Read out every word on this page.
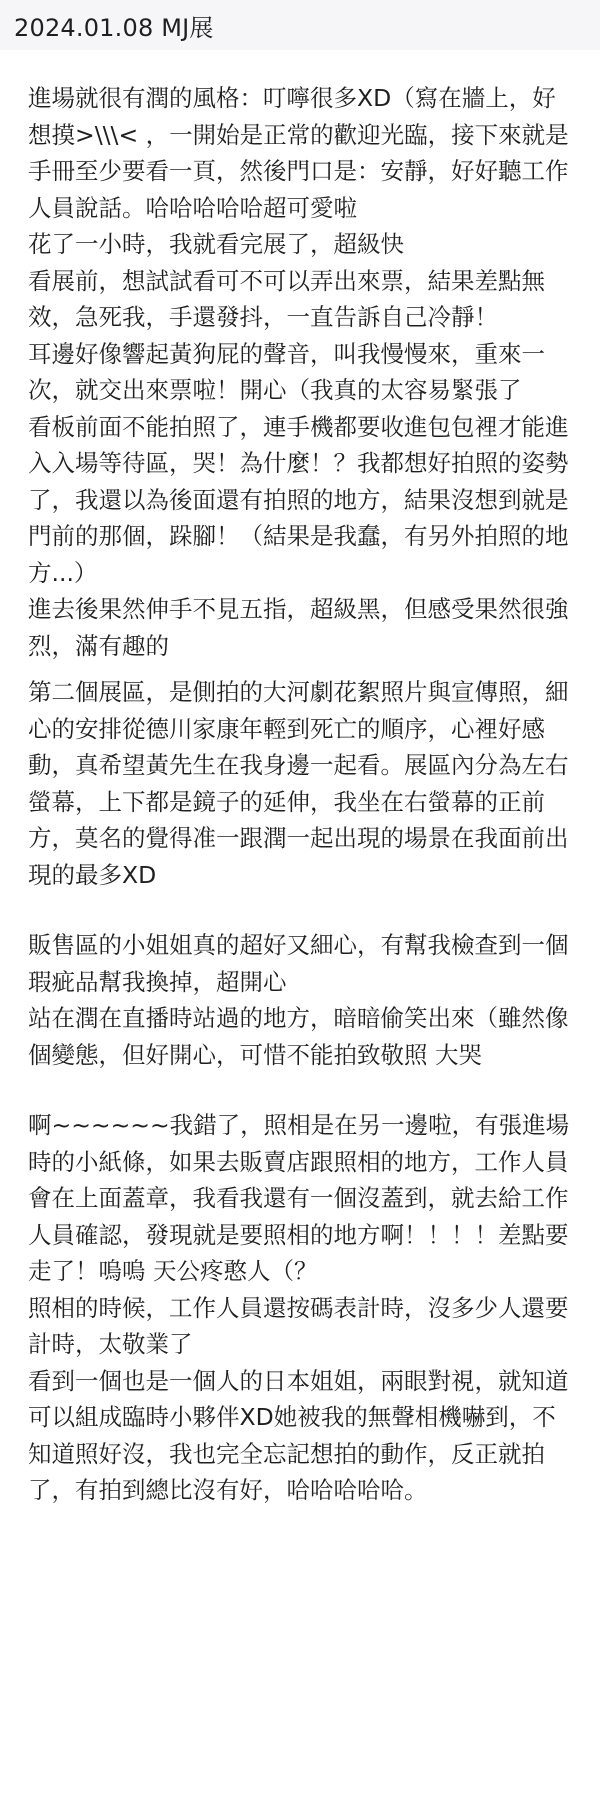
2024.01.08 MJ展

進場就很有潤的風格：叮嚀很多XD（寫在牆上，好想摸>\\\< ，一開始是正常的歡迎光臨，接下來就是手冊至少要看一頁，然後門口是：安靜，好好聽工作人員說話。哈哈哈哈哈超可愛啦

花了一小時，我就看完展了，超級快

看展前，想試試看可不可以弄出來票，結果差點無效，急死我，手還發抖，一直告訴自己冷靜！

耳邊好像響起黃狗屁的聲音，叫我慢慢來，重來一次，就交出來票啦！開心（我真的太容易緊張了

看板前面不能拍照了，連手機都要收進包包裡才能進入入場等待區，哭！為什麼！？我都想好拍照的姿勢了，我還以為後面還有拍照的地方，結果沒想到就是門前的那個，跺腳！（結果是我蠢，有另外拍照的地方...）

進去後果然伸手不見五指，超級黑，但感受果然很強烈，滿有趣的

第二個展區，是側拍的大河劇花絮照片與宣傳照，細心的安排從德川家康年輕到死亡的順序，心裡好感動，真希望黃先生在我身邊一起看。展區內分為左右螢幕，上下都是鏡子的延伸，我坐在右螢幕的正前方，莫名的覺得准一跟潤一起出現的場景在我面前出現的最多XD

販售區的小姐姐真的超好又細心，有幫我檢查到一個瑕疵品幫我換掉，超開心

站在潤在直播時站過的地方，暗暗偷笑出來（雖然像個變態，但好開心，可惜不能拍致敬照 大哭

啊~~~~~~我錯了，照相是在另一邊啦，有張進場時的小紙條，如果去販賣店跟照相的地方，工作人員會在上面蓋章，我看我還有一個沒蓋到，就去給工作人員確認，發現就是要照相的地方啊！！！！差點要走了！嗚嗚 天公疼憨人（？

照相的時候，工作人員還按碼表計時，沒多少人還要計時，太敬業了

看到一個也是一個人的日本姐姐，兩眼對視，就知道可以組成臨時小夥伴XD她被我的無聲相機嚇到，不知道照好沒，我也完全忘記想拍的動作，反正就拍了，有拍到總比沒有好，哈哈哈哈哈。
